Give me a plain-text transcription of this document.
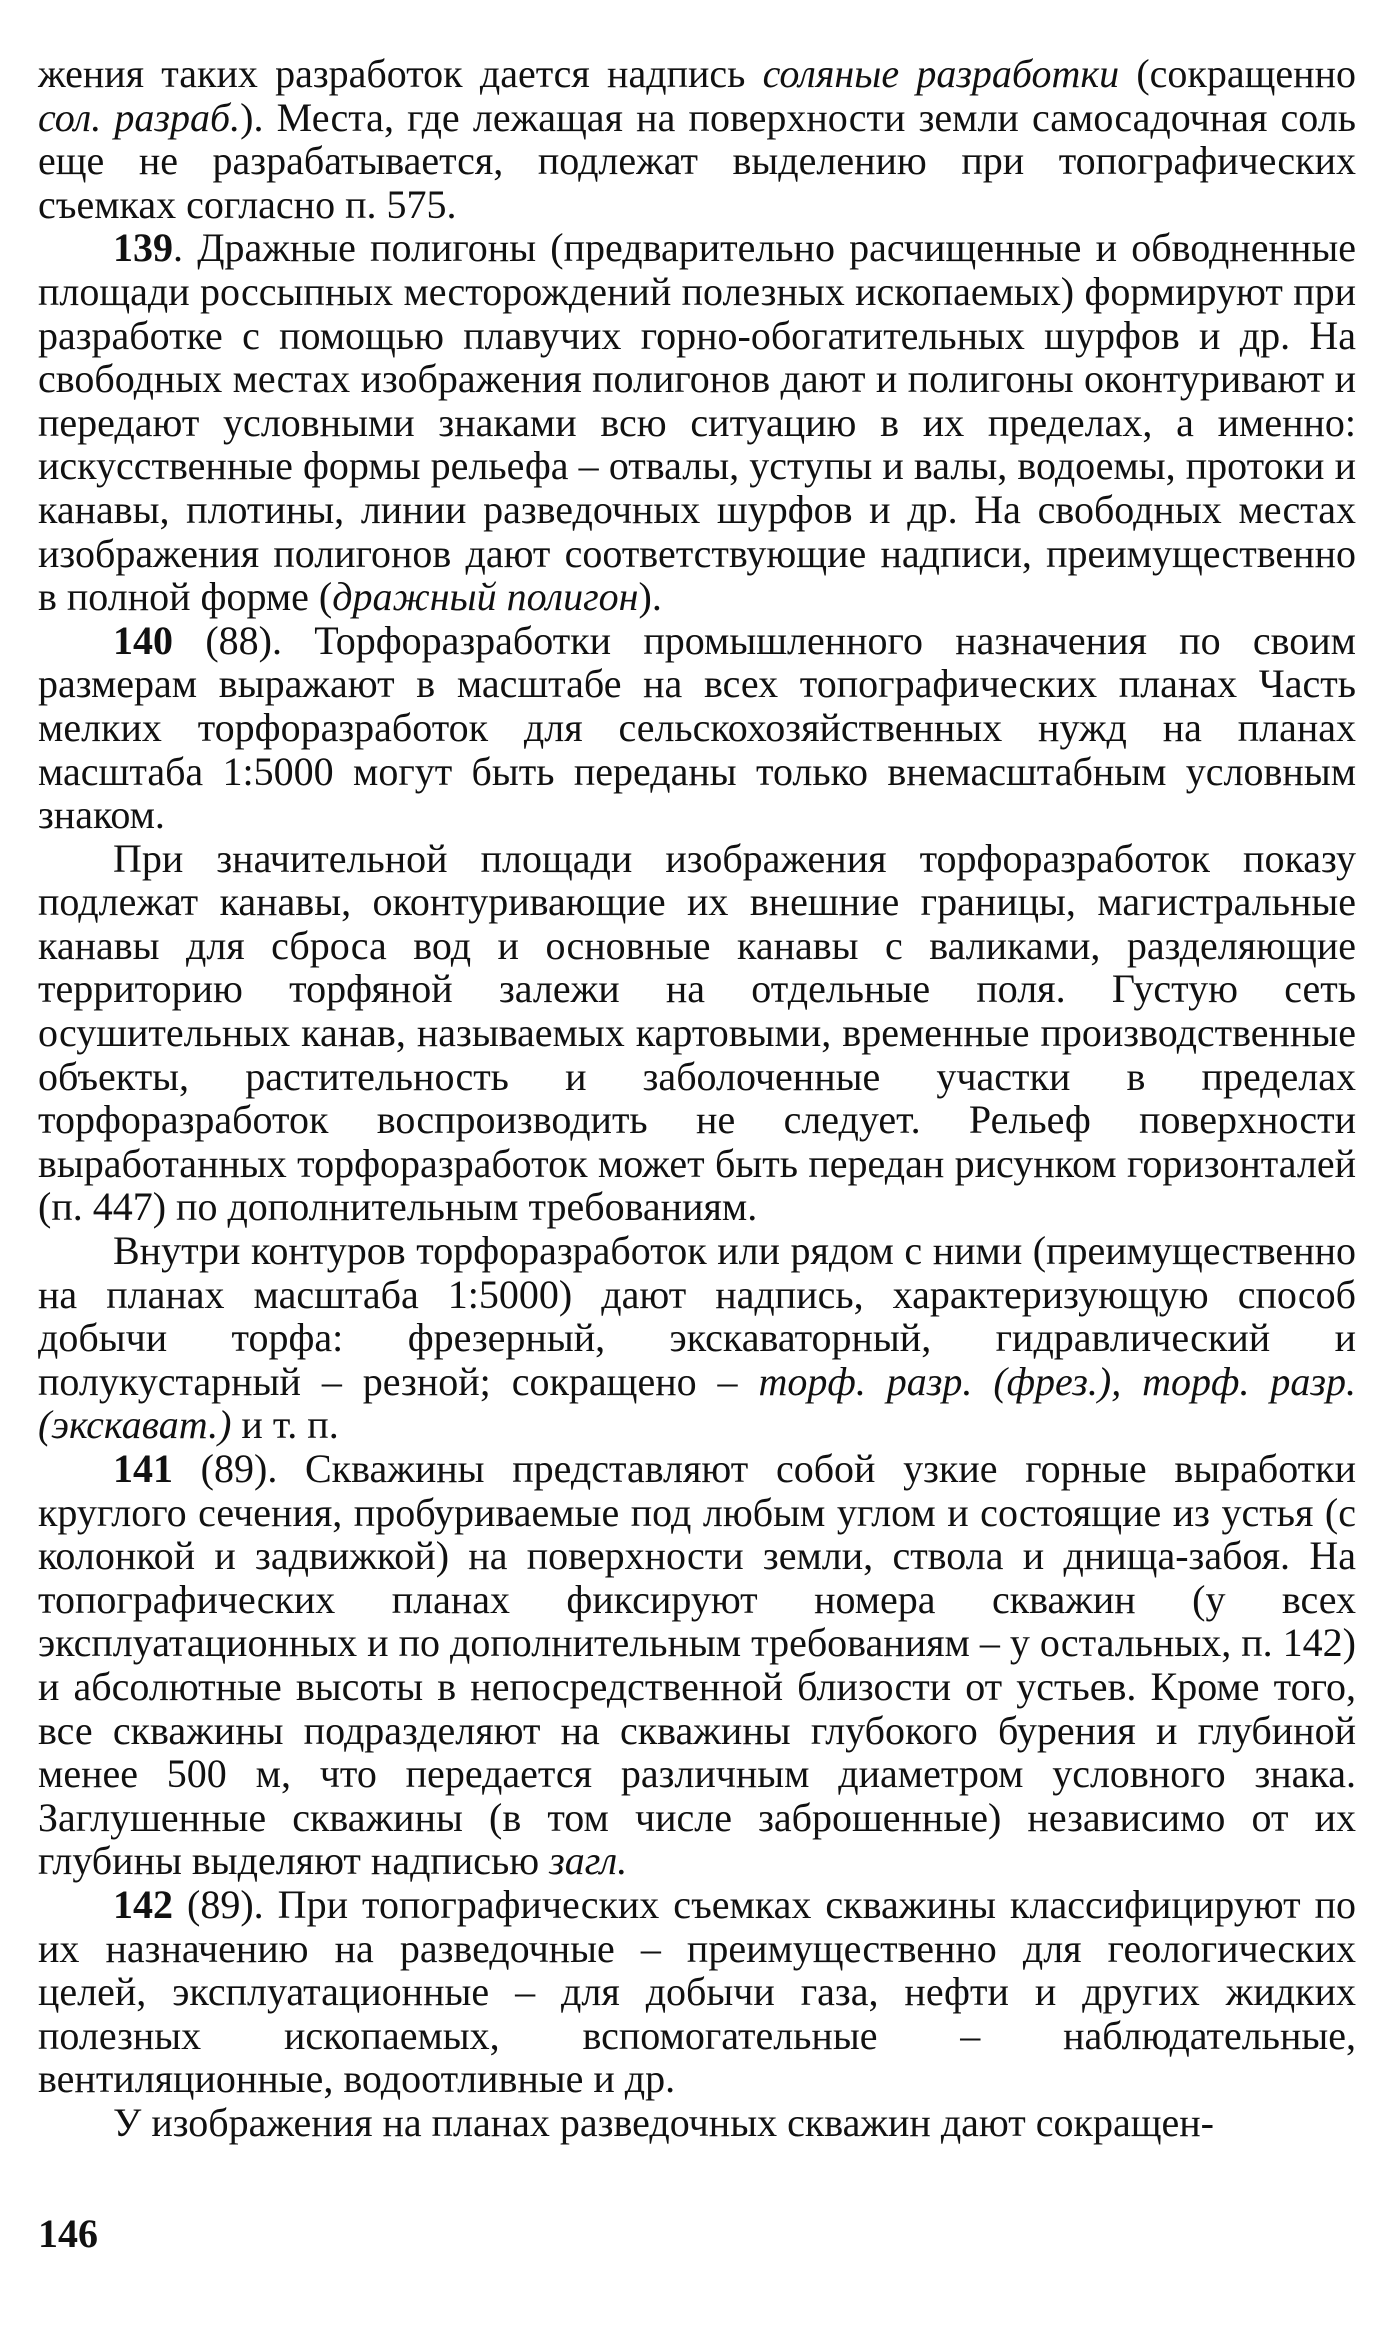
жения таких разработок дается надпись соляные разработки (сокращенно сол. разраб.). Места, где лежащая на поверхности земли самосадочная соль еще не разрабатывается, подлежат выделению при топографических съемках согласно п. 575.

139. Дражные полигоны (предварительно расчищенные и обводненные площади россыпных месторождений полезных ископаемых) формируют при разработке с помощью плавучих горно-обогатительных шурфов и др. На свободных местах изображения полигонов дают и полигоны оконтуривают и передают условными знаками всю ситуацию в их пределах, а именно: искусственные формы рельефа – отвалы, уступы и валы, водоемы, протоки и канавы, плотины, линии разведочных шурфов и др. На свободных местах изображения полигонов дают соответствующие надписи, преимущественно в полной форме (дражный полигон).

140 (88). Торфоразработки промышленного назначения по своим размерам выражают в масштабе на всех топографических планах Часть мелких торфоразработок для сельскохозяйственных нужд на планах масштаба 1:5000 могут быть переданы только внемасштабным условным знаком.

При значительной площади изображения торфоразработок показу подлежат канавы, оконтуривающие их внешние границы, магистральные канавы для сброса вод и основные канавы с валиками, разделяющие территорию торфяной залежи на отдельные поля. Густую сеть осушительных канав, называемых картовыми, временные производственные объекты, растительность и заболоченные участки в пределах торфоразработок воспроизводить не следует. Рельеф поверхности выработанных торфоразработок может быть передан рисунком горизонталей (п. 447) по дополнительным требованиям.

Внутри контуров торфоразработок или рядом с ними (преимущественно на планах масштаба 1:5000) дают надпись, характеризующую способ добычи торфа: фрезерный, экскаваторный, гидравлический и полукустарный – резной; сокращено – торф. разр. (фрез.), торф. разр. (экскават.) и т. п.

141 (89). Скважины представляют собой узкие горные выработки круглого сечения, пробуриваемые под любым углом и состоящие из устья (с колонкой и задвижкой) на поверхности земли, ствола и днища-забоя. На топографических планах фиксируют номера скважин (у всех эксплуатационных и по дополнительным требованиям – у остальных, п. 142) и абсолютные высоты в непосредственной близости от устьев. Кроме того, все скважины подразделяют на скважины глубокого бурения и глубиной менее 500 м, что передается различным диаметром условного знака. Заглушенные скважины (в том числе заброшенные) независимо от их глубины выделяют надписью загл.

142 (89). При топографических съемках скважины классифицируют по их назначению на разведочные – преимущественно для геологических целей, эксплуатационные – для добычи газа, нефти и других жидких полезных ископаемых, вспомогательные – наблюдательные, вентиляционные, водоотливные и др.

У изображения на планах разведочных скважин дают сокращен-

146
